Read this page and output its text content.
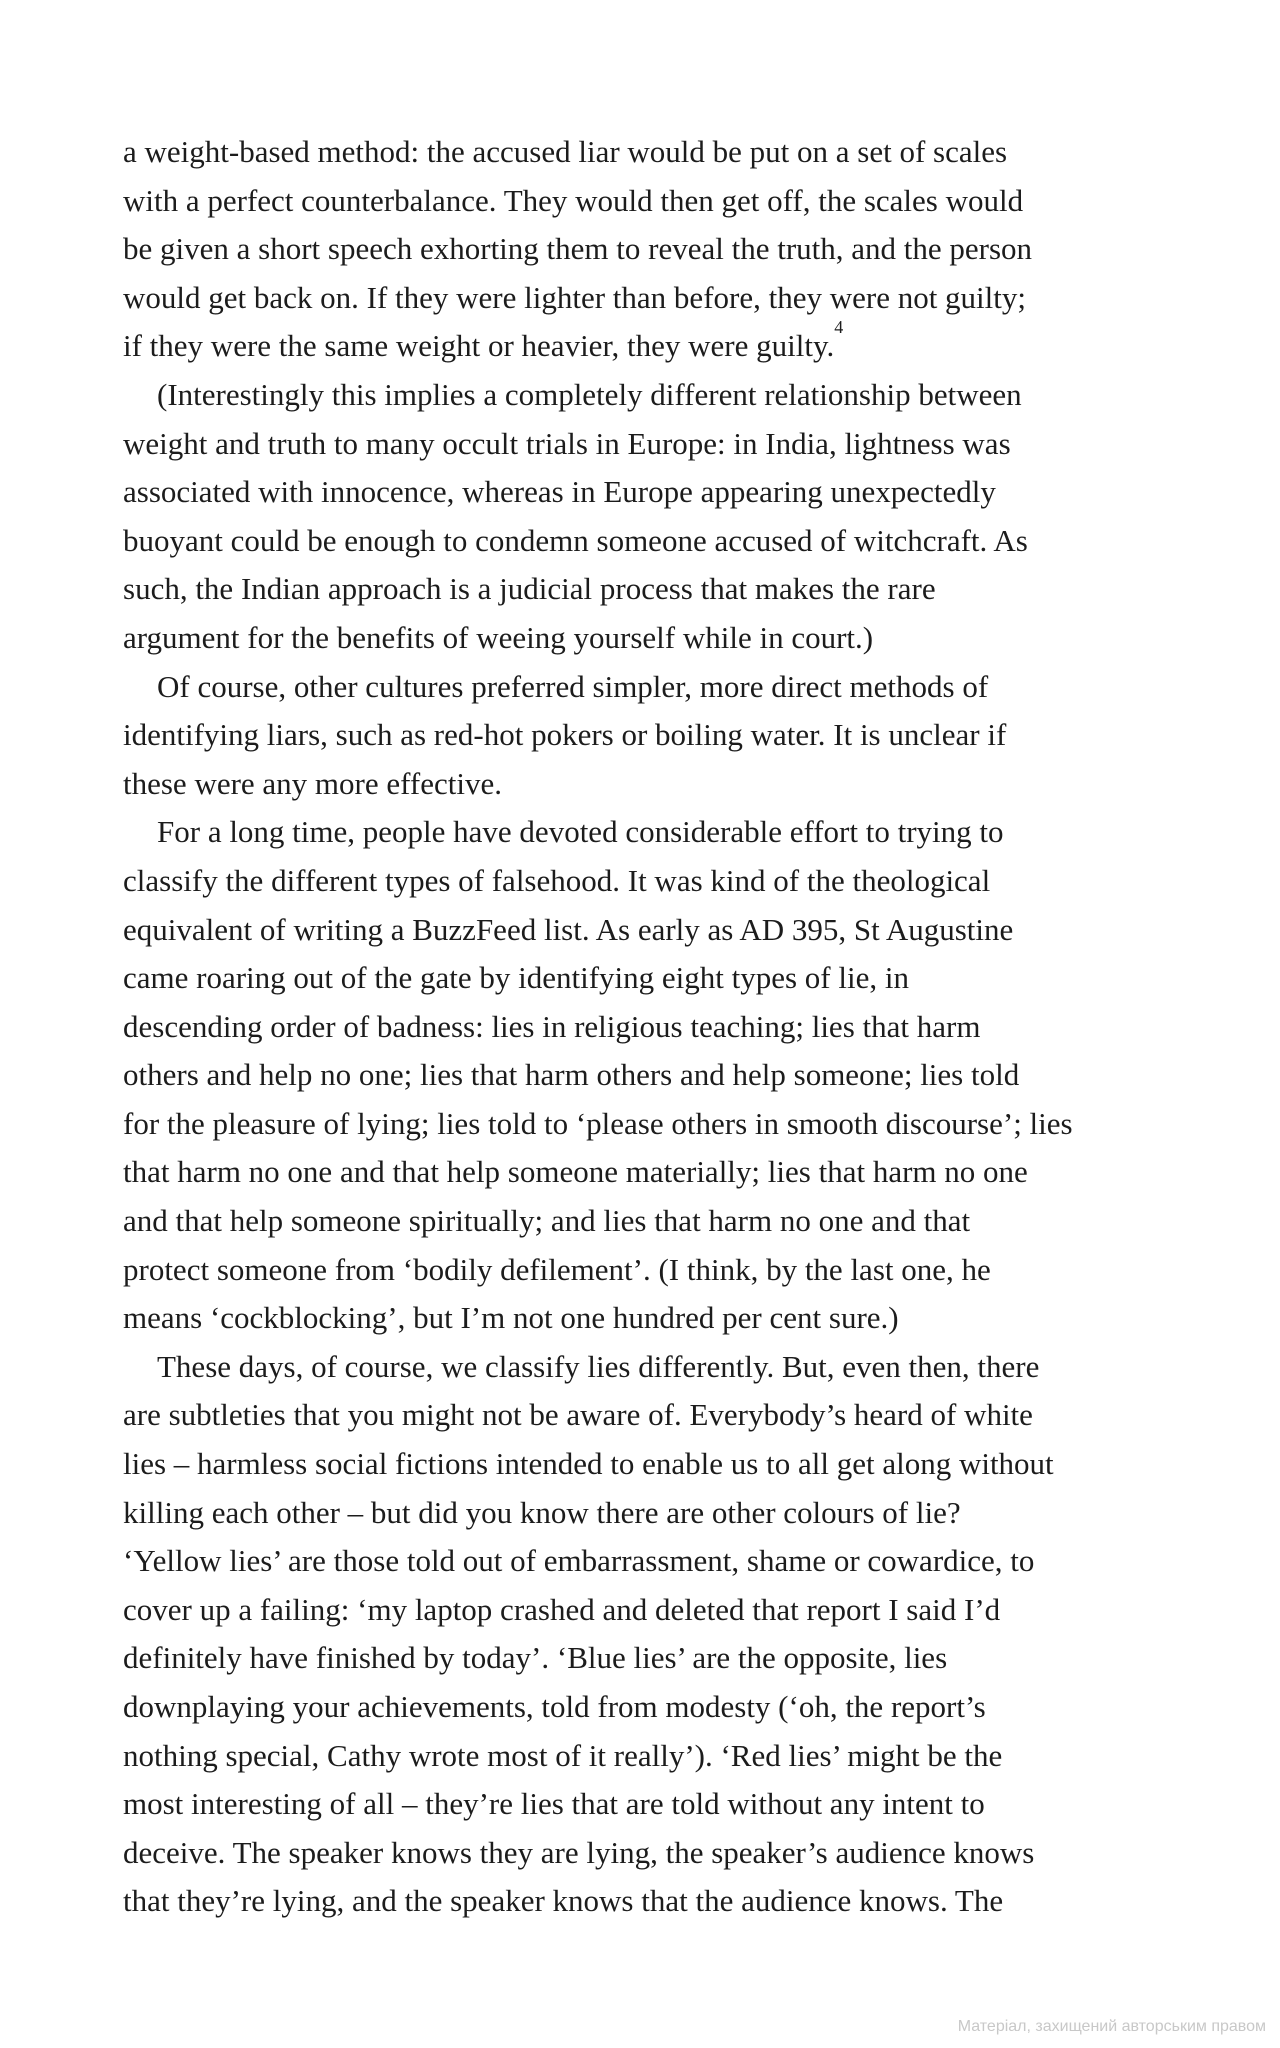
a weight-based method: the accused liar would be put on a set of scales
with a perfect counterbalance. They would then get off, the scales would
be given a short speech exhorting them to reveal the truth, and the person
would get back on. If they were lighter than before, they were not guilty;
if they were the same weight or heavier, they were guilty.$^4$
(Interestingly this implies a completely different relationship between
weight and truth to many occult trials in Europe: in India, lightness was
associated with innocence, whereas in Europe appearing unexpectedly
buoyant could be enough to condemn someone accused of witchcraft. As
such, the Indian approach is a judicial process that makes the rare
argument for the benefits of weeing yourself while in court.)
Of course, other cultures preferred simpler, more direct methods of
identifying liars, such as red-hot pokers or boiling water. It is unclear if
these were any more effective.
For a long time, people have devoted considerable effort to trying to
classify the different types of falsehood. It was kind of the theological
equivalent of writing a BuzzFeed list. As early as AD 395, St Augustine
came roaring out of the gate by identifying eight types of lie, in
descending order of badness: lies in religious teaching; lies that harm
others and help no one; lies that harm others and help someone; lies told
for the pleasure of lying; lies told to ‘please others in smooth discourse’; lies
that harm no one and that help someone materially; lies that harm no one
and that help someone spiritually; and lies that harm no one and that
protect someone from ‘bodily defilement’. (I think, by the last one, he
means ‘cockblocking’, but I’m not one hundred per cent sure.)
These days, of course, we classify lies differently. But, even then, there
are subtleties that you might not be aware of. Everybody’s heard of white
lies – harmless social fictions intended to enable us to all get along without
killing each other – but did you know there are other colours of lie?
‘Yellow lies’ are those told out of embarrassment, shame or cowardice, to
cover up a failing: ‘my laptop crashed and deleted that report I said I’d
definitely have finished by today’. ‘Blue lies’ are the opposite, lies
downplaying your achievements, told from modesty (‘oh, the report’s
nothing special, Cathy wrote most of it really’). ‘Red lies’ might be the
most interesting of all – they’re lies that are told without any intent to
deceive. The speaker knows they are lying, the speaker’s audience knows
that they’re lying, and the speaker knows that the audience knows. The
Матеріал, захищений авторським правом
